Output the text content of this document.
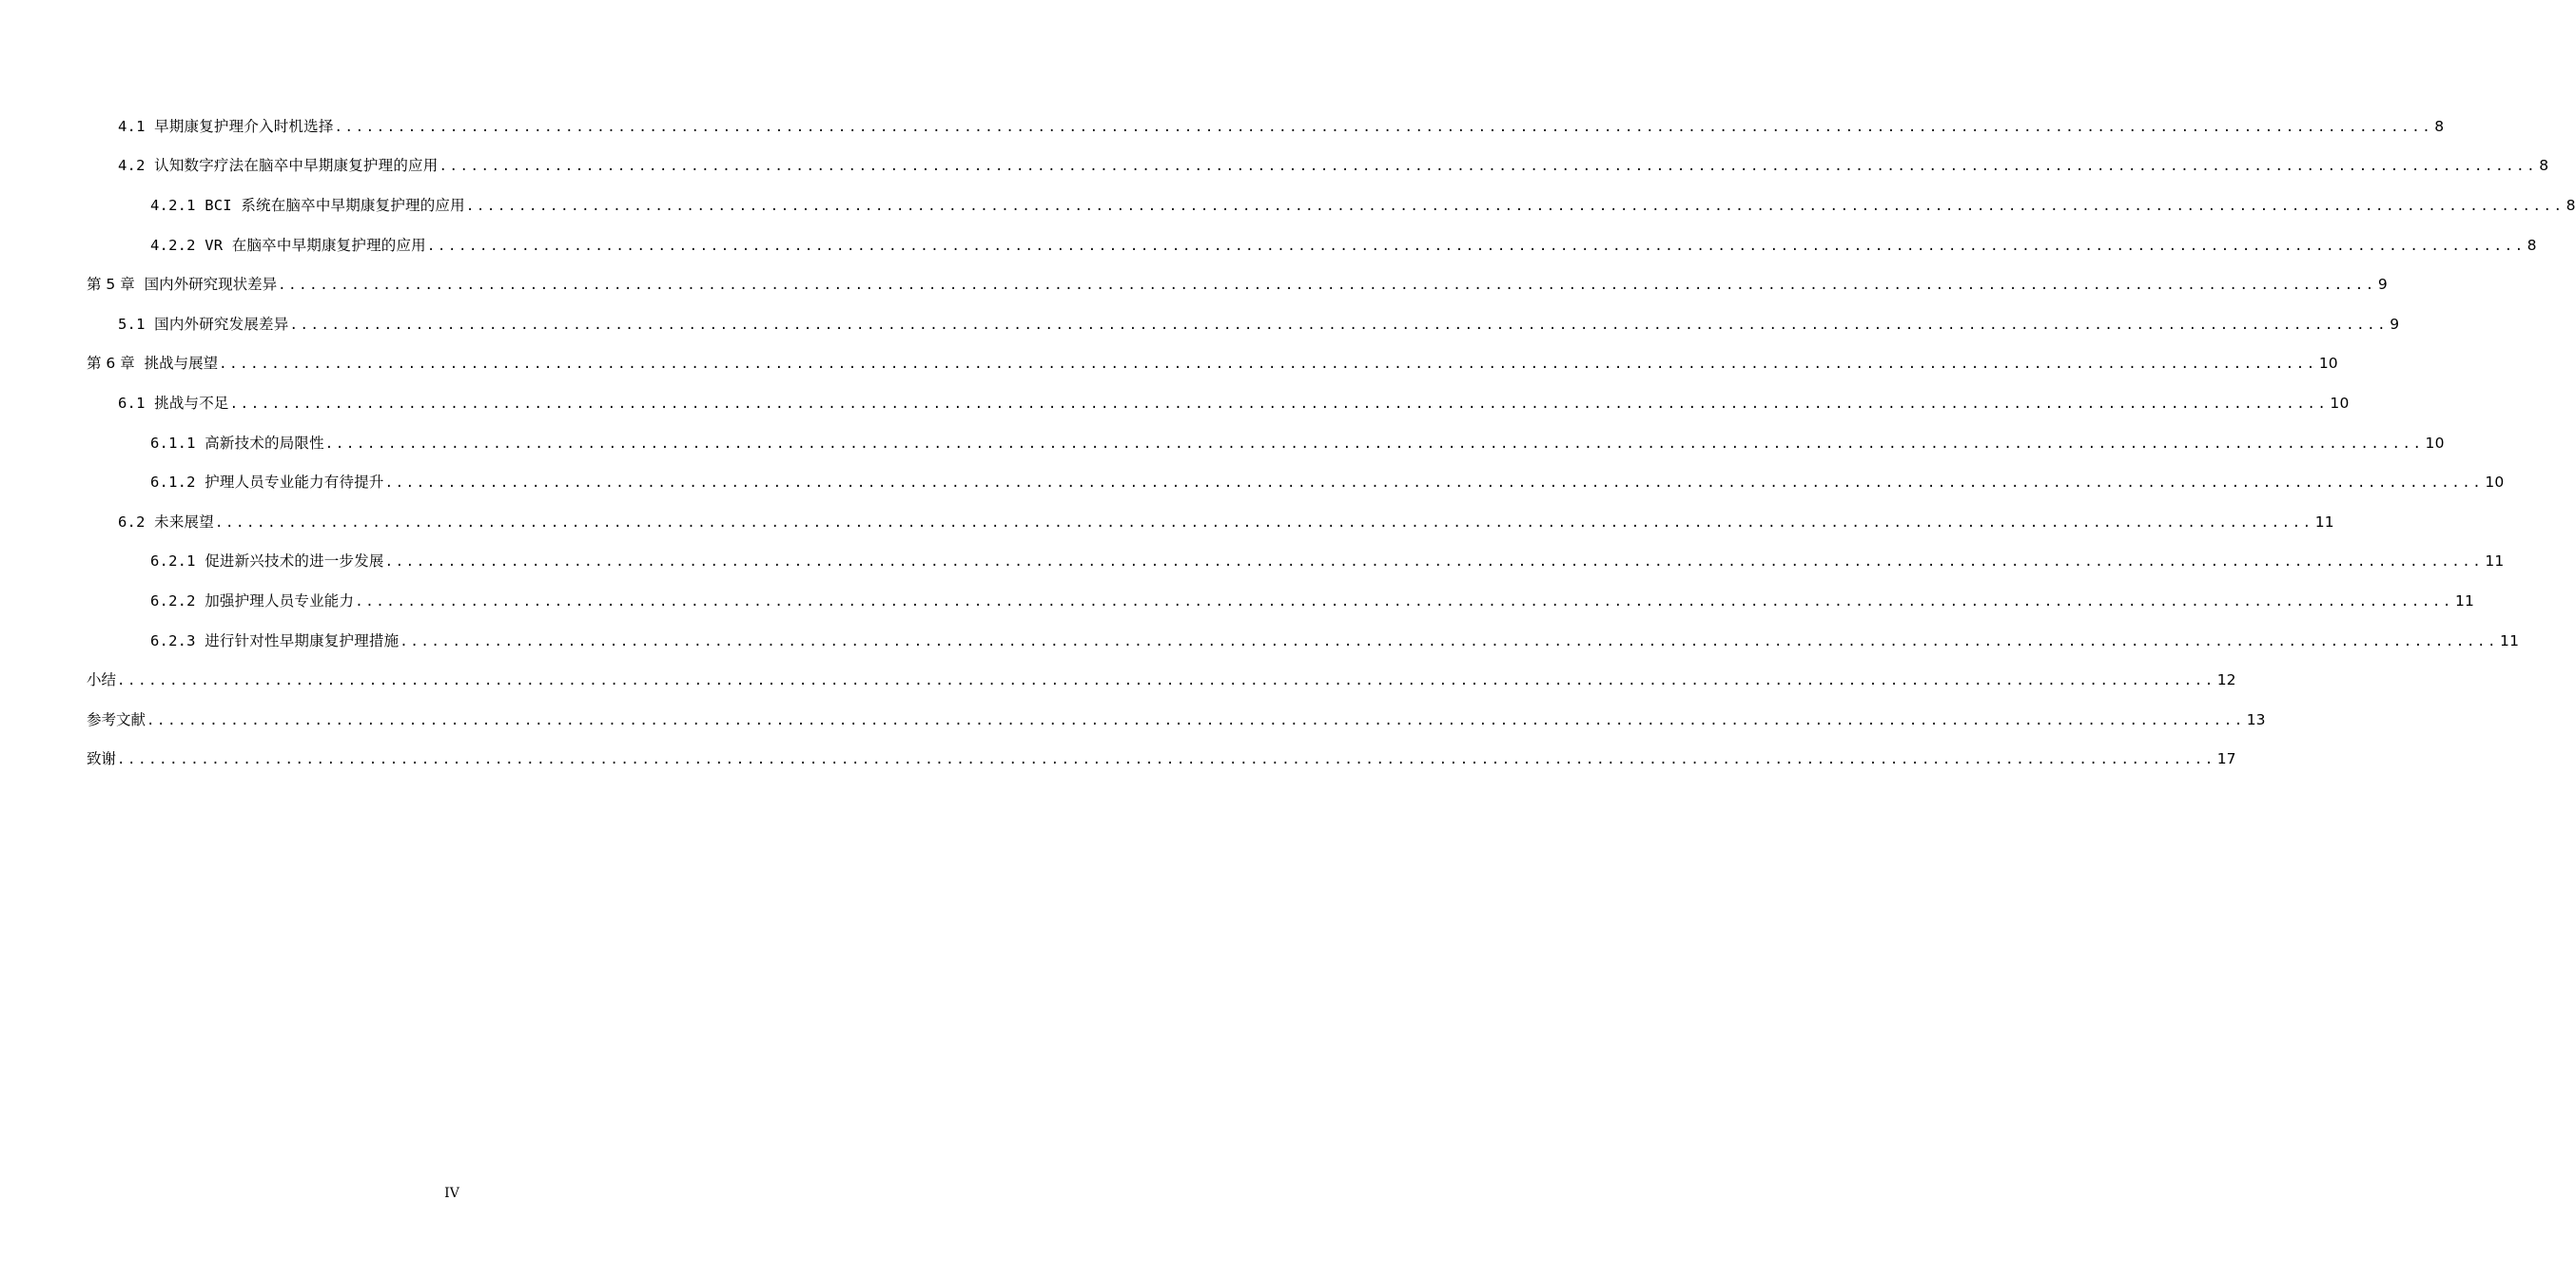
4.1 早期康复护理介入时机选择 ........................................................................................................................................................................................................ 8
4.2 认知数字疗法在脑卒中早期康复护理的应用 ........................................................................................................................................................................................................ 8
4.2.1 BCI 系统在脑卒中早期康复护理的应用 ........................................................................................................................................................................................................ 8
4.2.2 VR 在脑卒中早期康复护理的应用 ........................................................................................................................................................................................................ 8
第 5 章  国内外研究现状差异 ........................................................................................................................................................................................................ 9
5.1 国内外研究发展差异 ........................................................................................................................................................................................................ 9
第 6 章  挑战与展望 ........................................................................................................................................................................................................ 10
6.1 挑战与不足 ........................................................................................................................................................................................................ 10
6.1.1 高新技术的局限性 ........................................................................................................................................................................................................ 10
6.1.2 护理人员专业能力有待提升 ........................................................................................................................................................................................................ 10
6.2 未来展望 ........................................................................................................................................................................................................ 11
6.2.1 促进新兴技术的进一步发展 ........................................................................................................................................................................................................ 11
6.2.2 加强护理人员专业能力 ........................................................................................................................................................................................................ 11
6.2.3 进行针对性早期康复护理措施 ........................................................................................................................................................................................................ 11
小结 ........................................................................................................................................................................................................ 12
参考文献 ........................................................................................................................................................................................................ 13
致谢 ........................................................................................................................................................................................................ 17
IV
